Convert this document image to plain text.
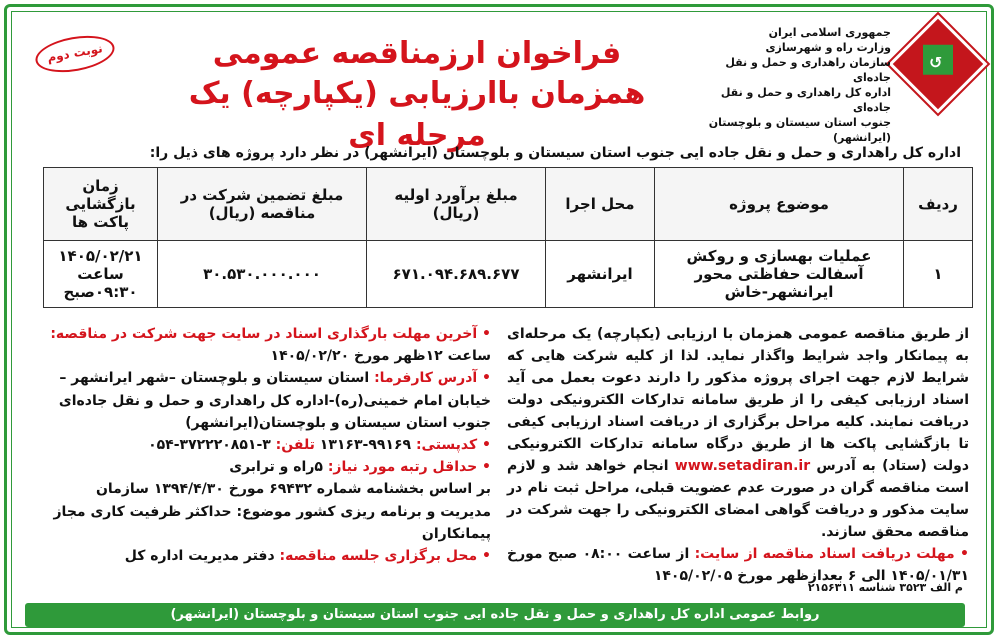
↺
جمهوری اسلامی ایران
وزارت راه و شهرسازی
سازمان راهداری و حمل و نقل جاده‌ای
اداره کل راهداری و حمل و نقل جاده‌ای
جنوب استان سیستان و بلوچستان (ایرانشهر)
فراخوان ارزمناقصه عمومی
همزمان باارزیابی (یکپارچه) یک مرحله ای
نوبت دوم
اداره کل راهداری و حمل و نقل جاده ایی جنوب استان سیستان و بلوچستان (ایرانشهر) در نظر دارد پروژه های ذیل را:
ردیف	موضوع پروژه	محل اجرا	مبلغ برآورد اولیه (ریال)	مبلغ تضمین شرکت در مناقصه (ریال)	زمان بازگشایی پاکت ها
۱	عملیات بهسازی و روکش آسفالت حفاظتی محور ایرانشهر-خاش	ایرانشهر	۶۷۱.۰۹۴.۶۸۹.۶۷۷	۳۰.۵۳۰.۰۰۰.۰۰۰	۱۴۰۵/۰۲/۲۱ ساعت ۰۹:۳۰صبح
از طریق مناقصه عمومی همزمان با ارزیابی (یکپارچه) یک مرحله‌ای به پیمانکار واجد شرایط واگذار نماید. لذا از کلیه شرکت هایی که شرایط لازم جهت اجرای پروژه مذکور را دارند دعوت بعمل می آید اسناد ارزیابی کیفی را از طریق سامانه تدارکات الکترونیکی دولت دریافت نمایند. کلیه مراحل برگزاری از دریافت اسناد ارزیابی کیفی تا بازگشایی پاکت ها از طریق درگاه سامانه تدارکات الکترونیکی دولت (ستاد) به آدرس www.setadiran.ir انجام خواهد شد و لازم است مناقصه گران در صورت عدم عضویت قبلی، مراحل ثبت نام در سایت مذکور و دریافت گواهی امضای الکترونیکی را جهت شرکت در مناقصه محقق سازند.
• مهلت دریافت اسناد مناقصه از سایت: از ساعت ۰۸:۰۰ صبح مورخ ۱۴۰۵/۰۱/۳۱ الی ۶ بعدازظهر مورخ ۱۴۰۵/۰۲/۰۵
• آخرین مهلت بارگذاری اسناد در سایت جهت شرکت در مناقصه:
ساعت ۱۲ظهر مورخ ۱۴۰۵/۰۲/۲۰
• آدرس کارفرما: استان سیستان و بلوچستان –شهر ایرانشهر – خیابان امام خمینی(ره)-اداره کل راهداری و حمل و نقل جاده‌ای جنوب استان سیستان و بلوچستان(ایرانشهر)
• کدپستی: ۹۹۱۶۹-۱۳۱۶۳ تلفن: ۳-۳۷۲۲۲۰۸۵۱-۰۵۴
• حداقل رتبه مورد نیاز: ۵راه و ترابری
بر اساس بخشنامه شماره ۶۹۴۳۲ مورخ ۱۳۹۴/۴/۳۰ سازمان مدیریت و برنامه ریزی کشور موضوع: حداکثر ظرفیت کاری مجاز پیمانکاران
• محل برگزاری جلسه مناقصه: دفتر مدیریت اداره کل
م الف ۳۵۲۳ شناسه ۲۱۵۶۳۱۱
روابط عمومی اداره کل راهداری و حمل و نقل جاده ایی جنوب استان سیستان و بلوچستان (ایرانشهر)
